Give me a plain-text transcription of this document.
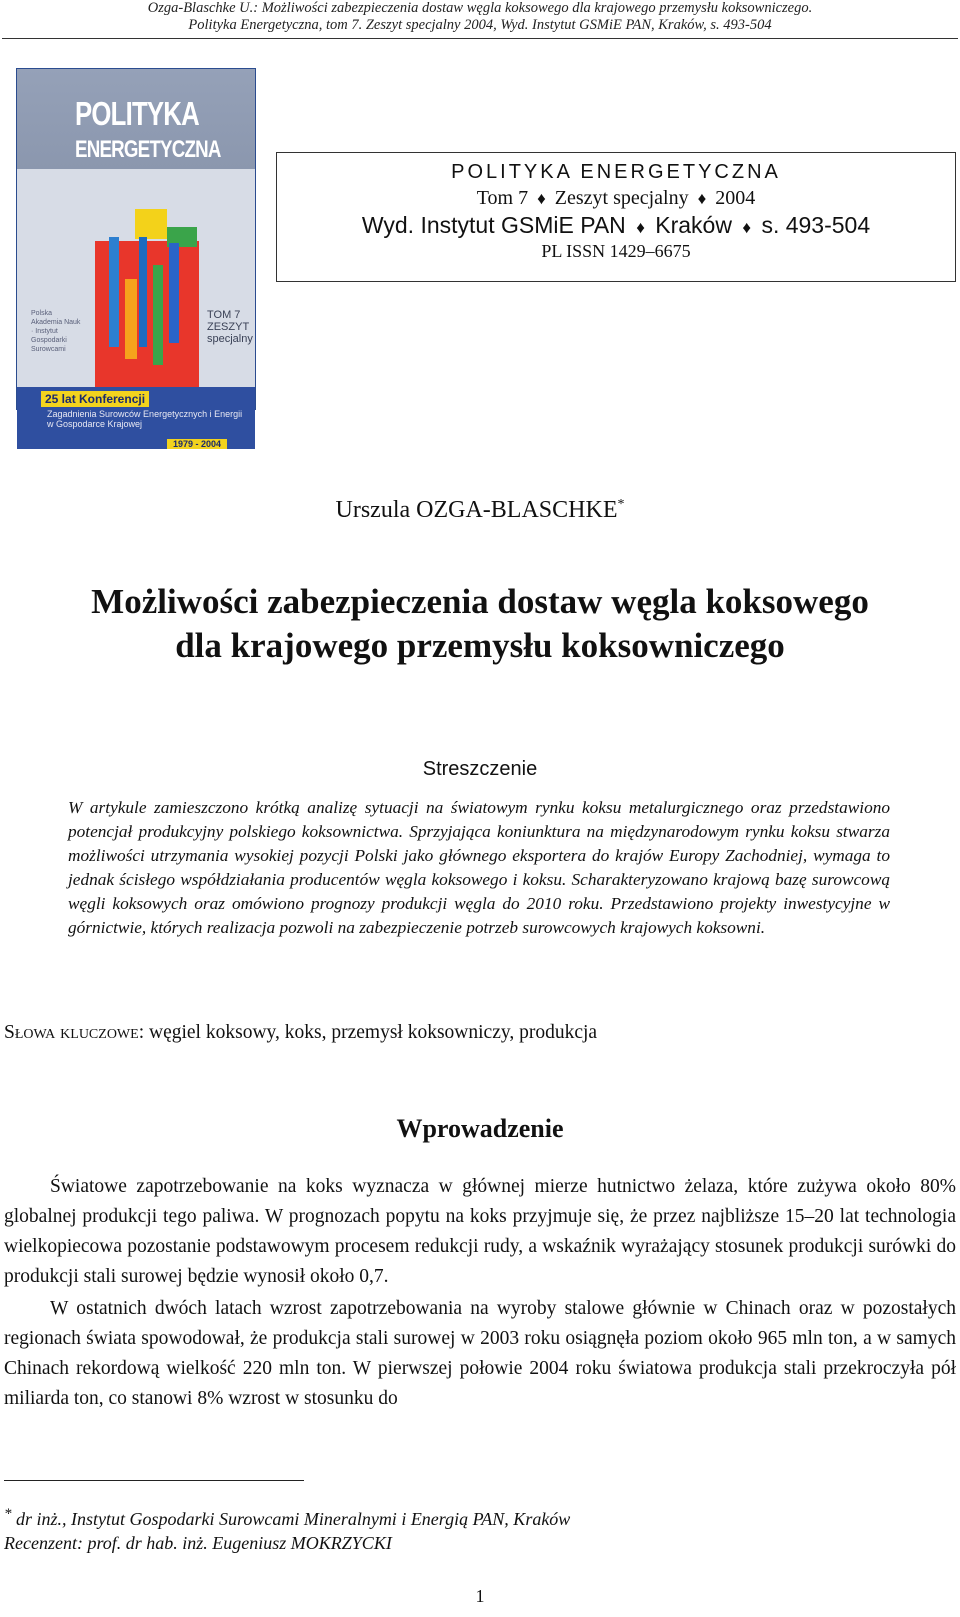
Ozga-Blaschke U.: Możliwości zabezpieczenia dostaw węgla koksowego dla krajowego przemysłu koksowniczego.
Polityka Energetyczna, tom 7. Zeszyt specjalny 2004, Wyd. Instytut GSMiE PAN, Kraków, s. 493-504
POLITYKA
ENERGETYCZNA
Polska Akademia Nauk · Instytut Gospodarki Surowcami
TOM 7 ZESZYT specjalny
25 lat Konferencji
Zagadnienia Surowców Energetycznych i Energii w Gospodarce Krajowej
1979 - 2004
POLITYKA ENERGETYCZNA
Tom 7 ♦ Zeszyt specjalny ♦ 2004
Wyd. Instytut GSMiE PAN ♦ Kraków ♦ s. 493-504
PL ISSN 1429–6675
Urszula OZGA-BLASCHKE*
Możliwości zabezpieczenia dostaw węgla koksowego
dla krajowego przemysłu koksowniczego
Streszczenie
W artykule zamieszczono krótką analizę sytuacji na światowym rynku koksu metalurgicznego oraz przedstawiono potencjał produkcyjny polskiego koksownictwa. Sprzyjająca koniunktura na międzynarodowym rynku koksu stwarza możliwości utrzymania wysokiej pozycji Polski jako głównego eksportera do krajów Europy Zachodniej, wymaga to jednak ścisłego współdziałania producentów węgla koksowego i koksu. Scharakteryzowano krajową bazę surowcową węgli koksowych oraz omówiono prognozy produkcji węgla do 2010 roku. Przedstawiono projekty inwestycyjne w górnictwie, których realizacja pozwoli na zabezpieczenie potrzeb surowcowych krajowych koksowni.
Słowa kluczowe: węgiel koksowy, koks, przemysł koksowniczy, produkcja
Wprowadzenie
Światowe zapotrzebowanie na koks wyznacza w głównej mierze hutnictwo żelaza, które zużywa około 80% globalnej produkcji tego paliwa. W prognozach popytu na koks przyjmuje się, że przez najbliższe 15–20 lat technologia wielkopiecowa pozostanie podstawowym procesem redukcji rudy, a wskaźnik wyrażający stosunek produkcji surówki do produkcji stali surowej będzie wynosił około 0,7.
W ostatnich dwóch latach wzrost zapotrzebowania na wyroby stalowe głównie w Chinach oraz w pozostałych regionach świata spowodował, że produkcja stali surowej w 2003 roku osiągnęła poziom około 965 mln ton, a w samych Chinach rekordową wielkość 220 mln ton. W pierwszej połowie 2004 roku światowa produkcja stali przekroczyła pół miliarda ton, co stanowi 8% wzrost w stosunku do
* dr inż., Instytut Gospodarki Surowcami Mineralnymi i Energią PAN, Kraków
Recenzent: prof. dr hab. inż. Eugeniusz MOKRZYCKI
1
